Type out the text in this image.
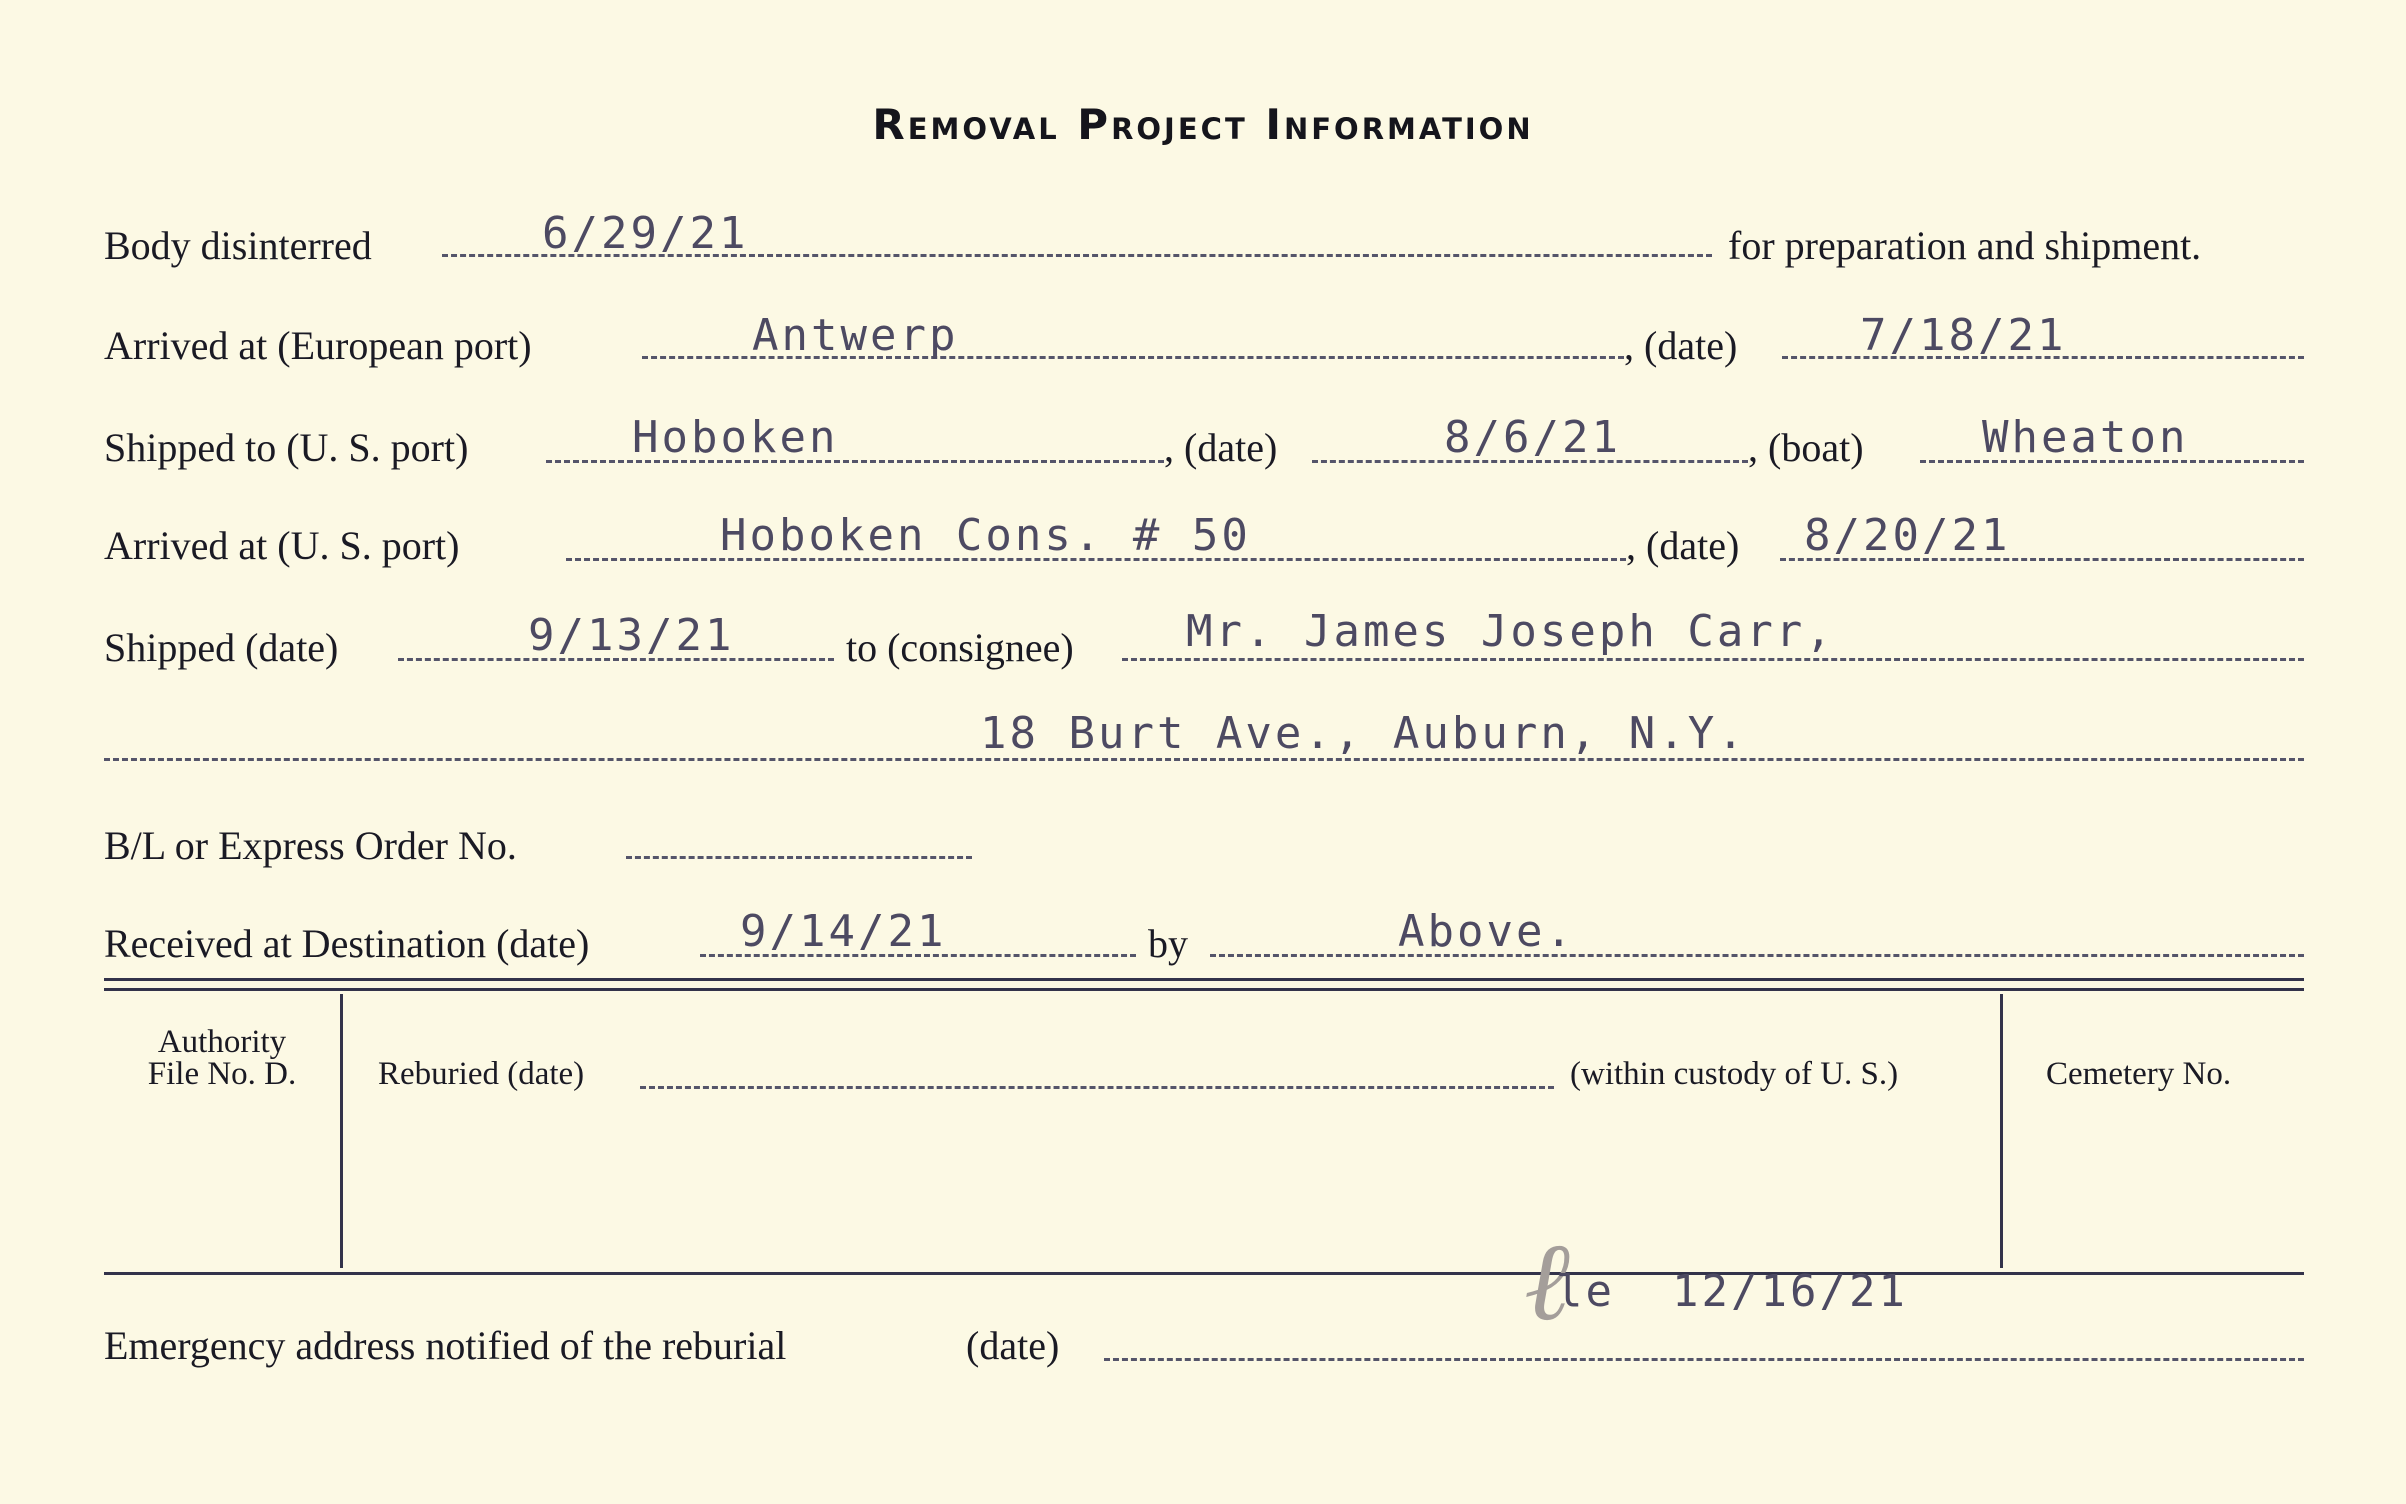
Removal Project Information
Body disinterred	6/29/21	for preparation and shipment.
Arrived at (European port)	Antwerp	, (date)	7/18/21
Shipped to (U. S. port)	Hoboken	, (date)	8/6/21	, (boat)	Wheaton
Arrived at (U. S. port)	Hoboken Cons. # 50	, (date) 8/20/21
Shipped (date)	9/13/21	to (consignee)	Mr. James Joseph Carr,
18 Burt Ave., Auburn, N.Y.
B/L or Express Order No.
Received at Destination (date)	9/14/21	by	Above.
Authority
File No. D.	Reburied (date)	(within custody of U. S.)	Cemetery No.
Emergency address notified of the reburial	(date)
ℓ
le 12/16/21
